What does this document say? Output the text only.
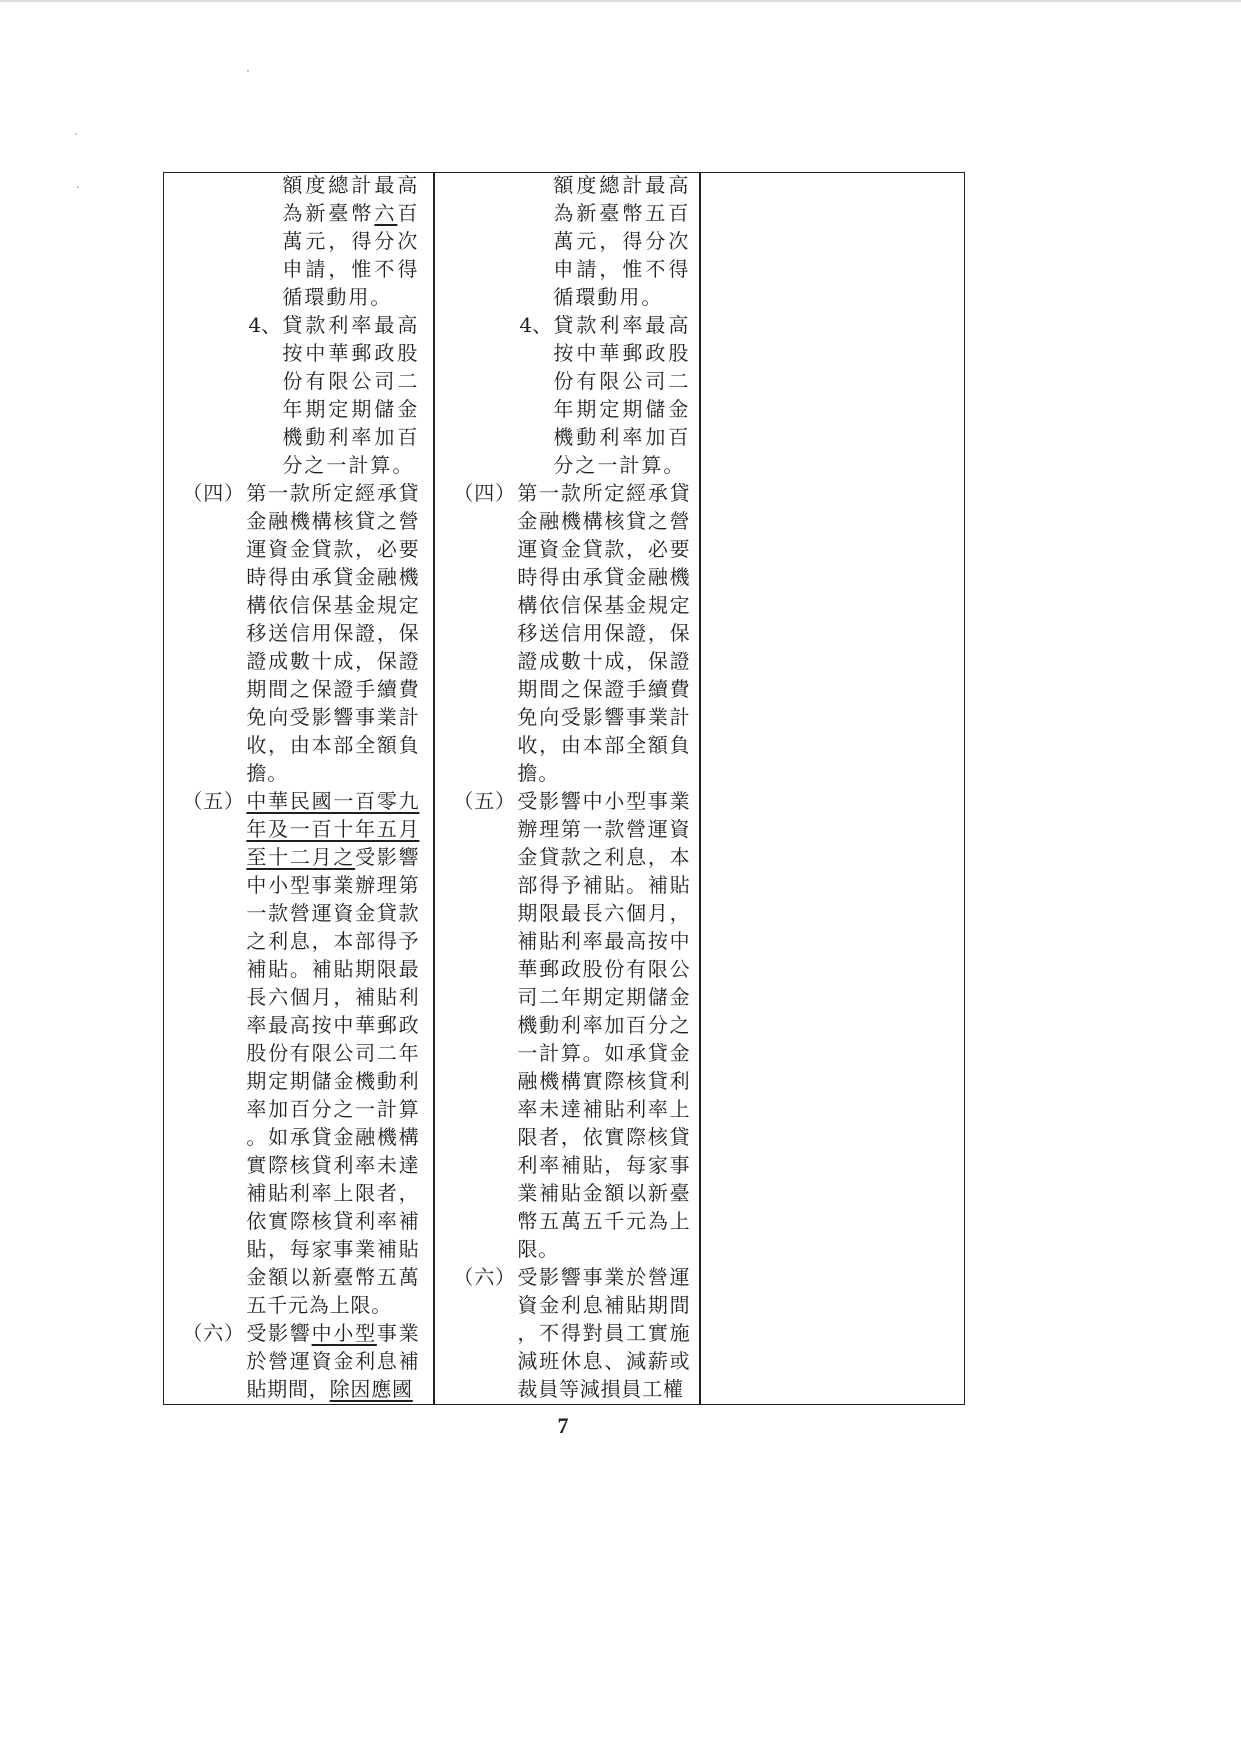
額度總計最高
為新臺幣六百
萬元，得分次
申請，惟不得
循環動用。
4、 貸款利率最高
按中華郵政股
份有限公司二
年期定期儲金
機動利率加百
分之一計算。
（四） 第一款所定經承貸
金融機構核貸之營
運資金貸款，必要
時得由承貸金融機
構依信保基金規定
移送信用保證，保
證成數十成，保證
期間之保證手續費
免向受影響事業計
收，由本部全額負
擔。
（五） 中華民國一百零九
年及一百十年五月
至十二月之受影響
中小型事業辦理第
一款營運資金貸款
之利息，本部得予
補貼。補貼期限最
長六個月，補貼利
率最高按中華郵政
股份有限公司二年
期定期儲金機動利
率加百分之一計算
。如承貸金融機構
實際核貸利率未達
補貼利率上限者，
依實際核貸利率補
貼，每家事業補貼
金額以新臺幣五萬
五千元為上限。
（六） 受影響中小型事業
於營運資金利息補
貼期間，除因應國
額度總計最高
為新臺幣五百
萬元，得分次
申請，惟不得
循環動用。
4、 貸款利率最高
按中華郵政股
份有限公司二
年期定期儲金
機動利率加百
分之一計算。
（四） 第一款所定經承貸
金融機構核貸之營
運資金貸款，必要
時得由承貸金融機
構依信保基金規定
移送信用保證，保
證成數十成，保證
期間之保證手續費
免向受影響事業計
收，由本部全額負
擔。
（五） 受影響中小型事業
辦理第一款營運資
金貸款之利息，本
部得予補貼。補貼
期限最長六個月，
補貼利率最高按中
華郵政股份有限公
司二年期定期儲金
機動利率加百分之
一計算。如承貸金
融機構實際核貸利
率未達補貼利率上
限者，依實際核貸
利率補貼，每家事
業補貼金額以新臺
幣五萬五千元為上
限。
（六） 受影響事業於營運
資金利息補貼期間
，不得對員工實施
減班休息、減薪或
裁員等減損員工權
7
